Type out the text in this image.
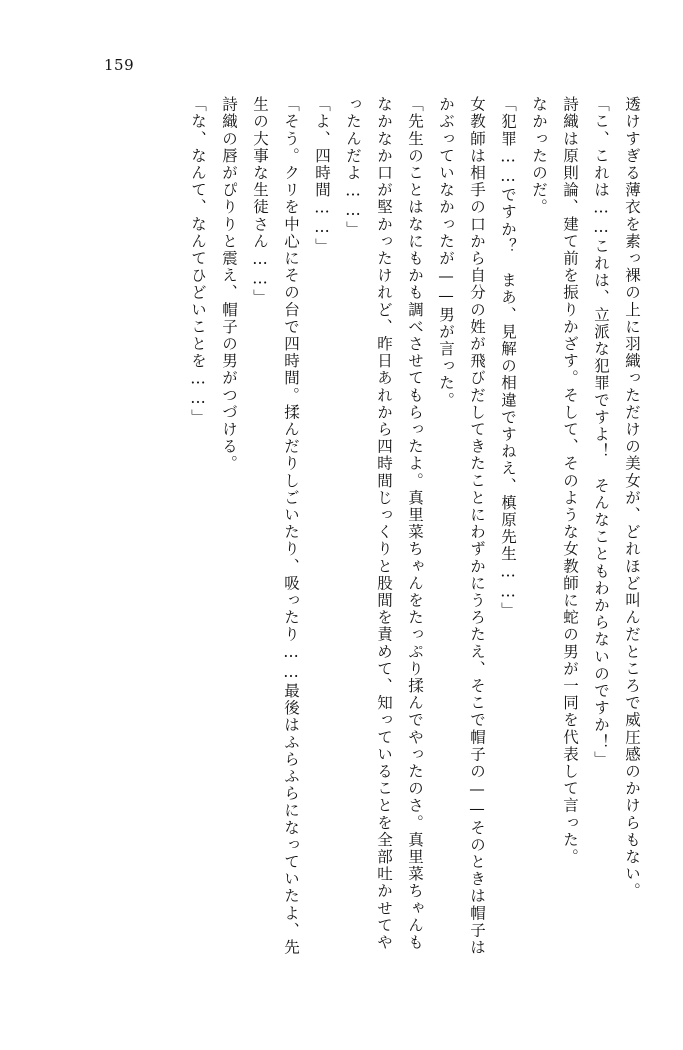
159

透けすぎる薄衣を素っ裸の上に羽織っただけの美女が、どれほど叫んだところで威圧感のかけらもない。

「こ、これは……これは、立派な犯罪ですよ！　そんなこともわからないのですか！」

詩織は原則論、建て前を振りかざす。そして、そのような女教師に蛇の男が一同を代表して言った。

なかったのだ。

「犯罪……ですか？　まあ、見解の相違ですねえ、槙原先生……」

女教師は相手の口から自分の姓が飛びだしてきたことにわずかにうろたえ、そこで帽子の——そのときは帽子はかぶっていなかったが——男が言った。

「先生のことはなにもかも調べさせてもらったよ。真里菜ちゃんをたっぷり揉んでやったのさ。真里菜ちゃんもなかなか口が堅かったけれど、昨日あれから四時間じっくりと股間を責めて、知っていることを全部吐かせてやったんだよ……」

「よ、四時間……」

「そう。クリを中心にその台で四時間。揉んだりしごいたり、吸ったり……最後はふらふらになっていたよ、先生の大事な生徒さん……」

詩織の唇がぴりりと震え、帽子の男がつづける。

「な、なんて、なんてひどいことを……」
